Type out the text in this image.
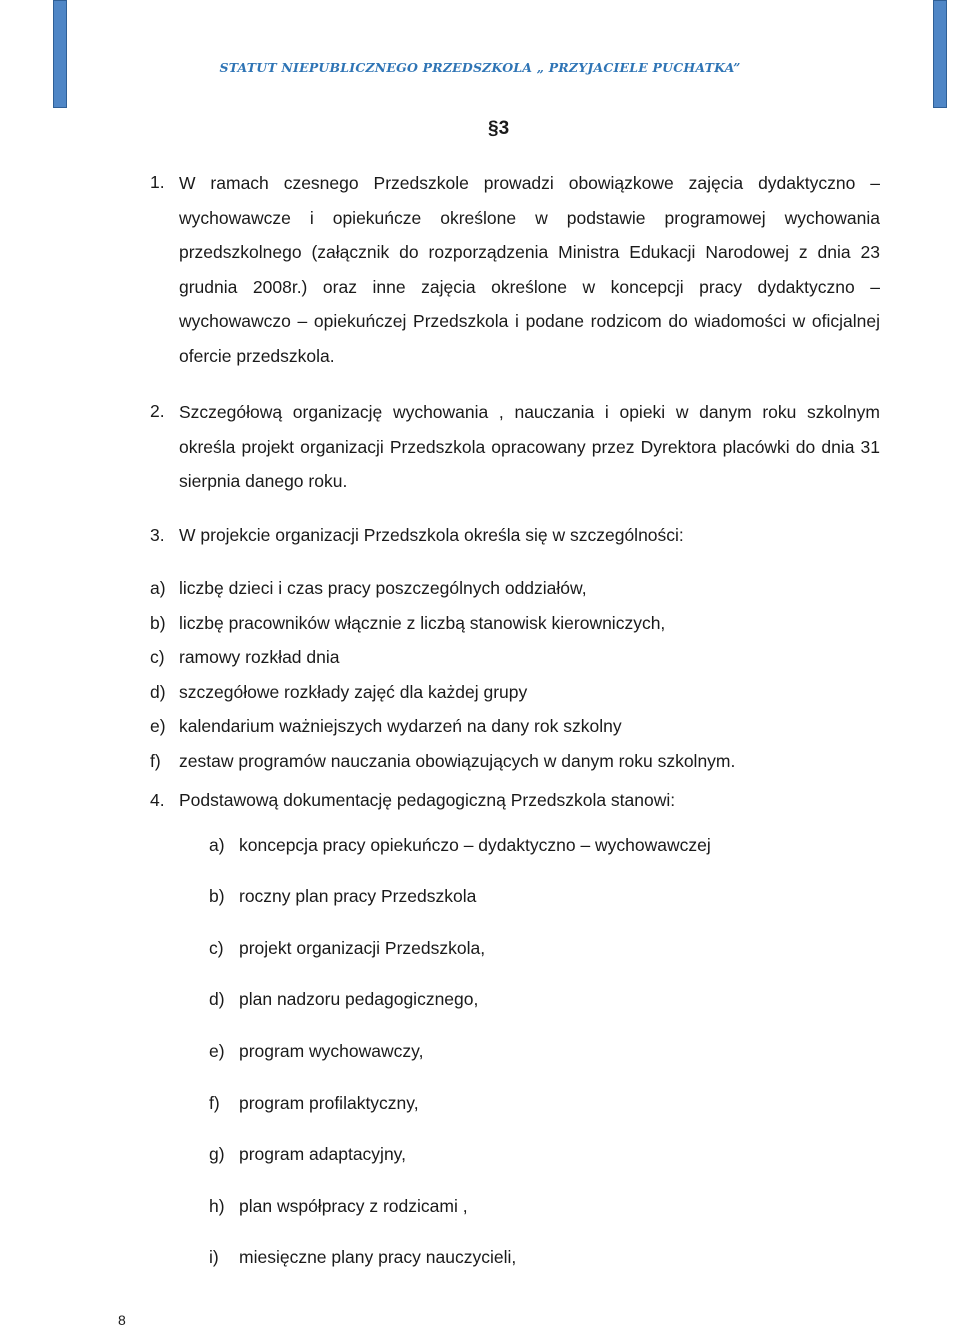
STATUT NIEPUBLICZNEGO PRZEDSZKOLA „ PRZYJACIELE PUCHATKA”
§3
1. W ramach czesnego Przedszkole prowadzi obowiązkowe zajęcia dydaktyczno – wychowawcze i opiekuńcze określone w podstawie programowej wychowania przedszkolnego (załącznik do rozporządzenia Ministra Edukacji Narodowej z dnia 23 grudnia 2008r.) oraz inne zajęcia określone w koncepcji pracy dydaktyczno – wychowawczo – opiekuńczej Przedszkola i podane rodzicom do wiadomości w oficjalnej ofercie przedszkola.
2. Szczegółową organizację wychowania , nauczania i opieki w danym roku szkolnym określa projekt organizacji Przedszkola opracowany przez Dyrektora placówki do dnia 31 sierpnia danego roku.
3. W projekcie organizacji Przedszkola określa się w szczególności:
a) liczbę dzieci i czas pracy poszczególnych oddziałów,
b) liczbę pracowników włącznie z liczbą stanowisk kierowniczych,
c) ramowy rozkład dnia
d) szczegółowe rozkłady zajęć dla każdej grupy
e) kalendarium ważniejszych wydarzeń na dany rok szkolny
f) zestaw programów nauczania obowiązujących w danym roku szkolnym.
4. Podstawową dokumentację pedagogiczną Przedszkola stanowi:
a) koncepcja pracy opiekuńczo – dydaktyczno – wychowawczej
b) roczny plan pracy Przedszkola
c) projekt organizacji Przedszkola,
d) plan nadzoru pedagogicznego,
e) program wychowawczy,
f) program profilaktyczny,
g) program adaptacyjny,
h) plan współpracy z rodzicami ,
i) miesięczne plany pracy nauczycieli,
8
